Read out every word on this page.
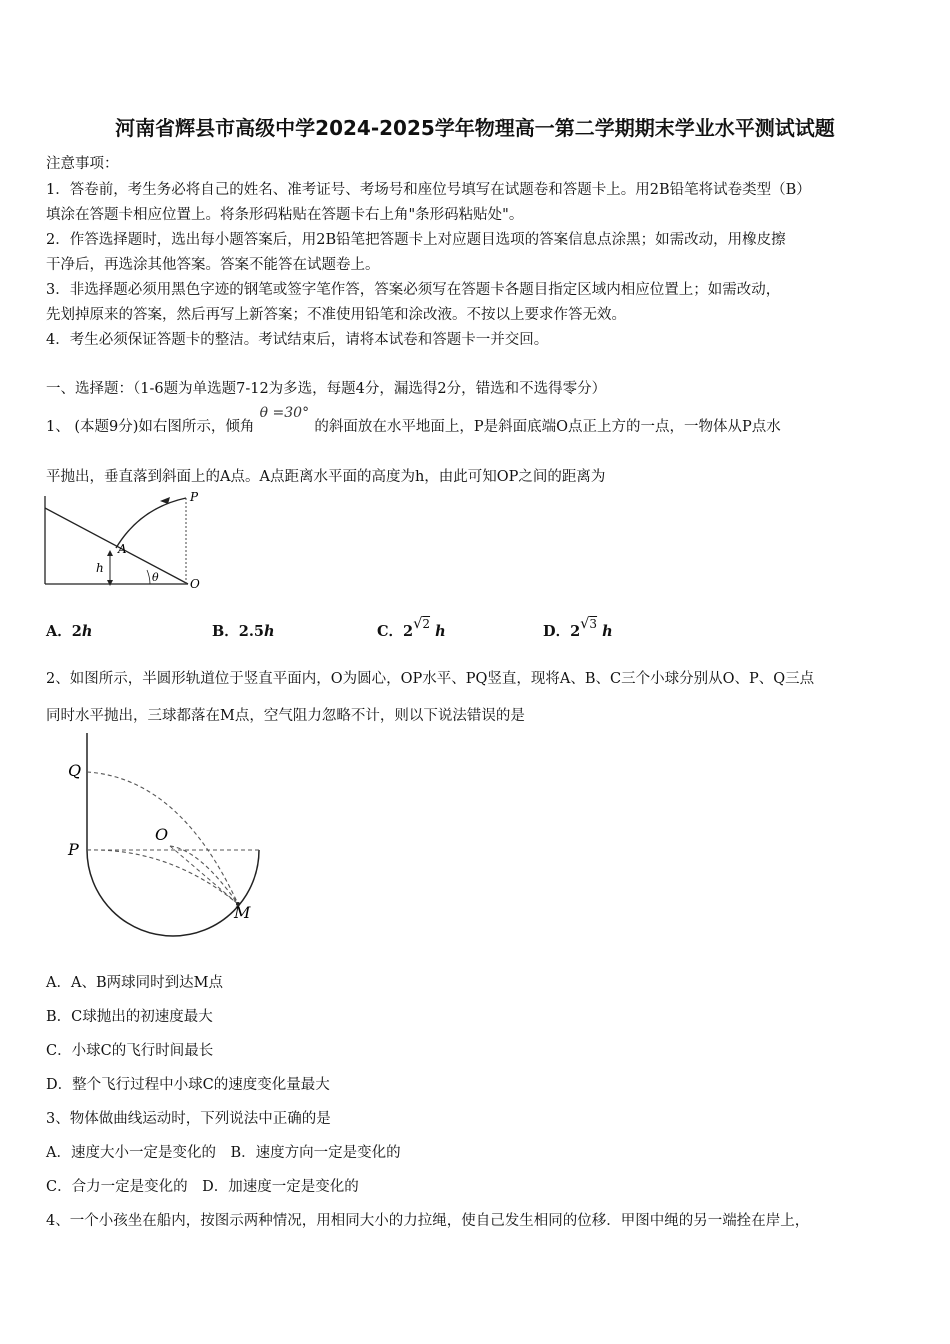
河南省辉县市高级中学2024-2025学年物理高一第二学期期末学业水平测试试题
注意事项：
1．答卷前，考生务必将自己的姓名、准考证号、考场号和座位号填写在试题卷和答题卡上。用2B铅笔将试卷类型（B）
填涂在答题卡相应位置上。将条形码粘贴在答题卡右上角"条形码粘贴处"。
2．作答选择题时，选出每小题答案后，用2B铅笔把答题卡上对应题目选项的答案信息点涂黑；如需改动，用橡皮擦
干净后，再选涂其他答案。答案不能答在试题卷上。
3．非选择题必须用黑色字迹的钢笔或签字笔作答，答案必须写在答题卡各题目指定区域内相应位置上；如需改动，
先划掉原来的答案，然后再写上新答案；不准使用铅笔和涂改液。不按以上要求作答无效。
4．考生必须保证答题卡的整洁。考试结束后，请将本试卷和答题卡一并交回。
一、选择题：（1-6题为单选题7-12为多选，每题4分，漏选得2分，错选和不选得零分）
1、 (本题9分)如右图所示，倾角θ =30°的斜面放在水平地面上，P是斜面底端O点正上方的一点，一物体从P点水
平抛出，垂直落到斜面上的A点。A点距离水平面的高度为h，由此可知OP之间的距离为
P
A
h
θ	O
A．2h	B．2.5h	C．2√2 h	D．2√3 h
2、如图所示，半圆形轨道位于竖直平面内，O为圆心，OP水平、PQ竖直，现将A、B、C三个小球分别从O、P、Q三点
同时水平抛出，三球都落在M点，空气阻力忽略不计，则以下说法错误的是
Q
P
O
M
A．A、B两球同时到达M点
B．C球抛出的初速度最大
C．小球C的飞行时间最长
D．整个飞行过程中小球C的速度变化量最大
3、物体做曲线运动时，下列说法中正确的是
A．速度大小一定是变化的　B．速度方向一定是变化的
C．合力一定是变化的　D．加速度一定是变化的
4、一个小孩坐在船内，按图示两种情况，用相同大小的力拉绳，使自己发生相同的位移．甲图中绳的另一端拴在岸上，
